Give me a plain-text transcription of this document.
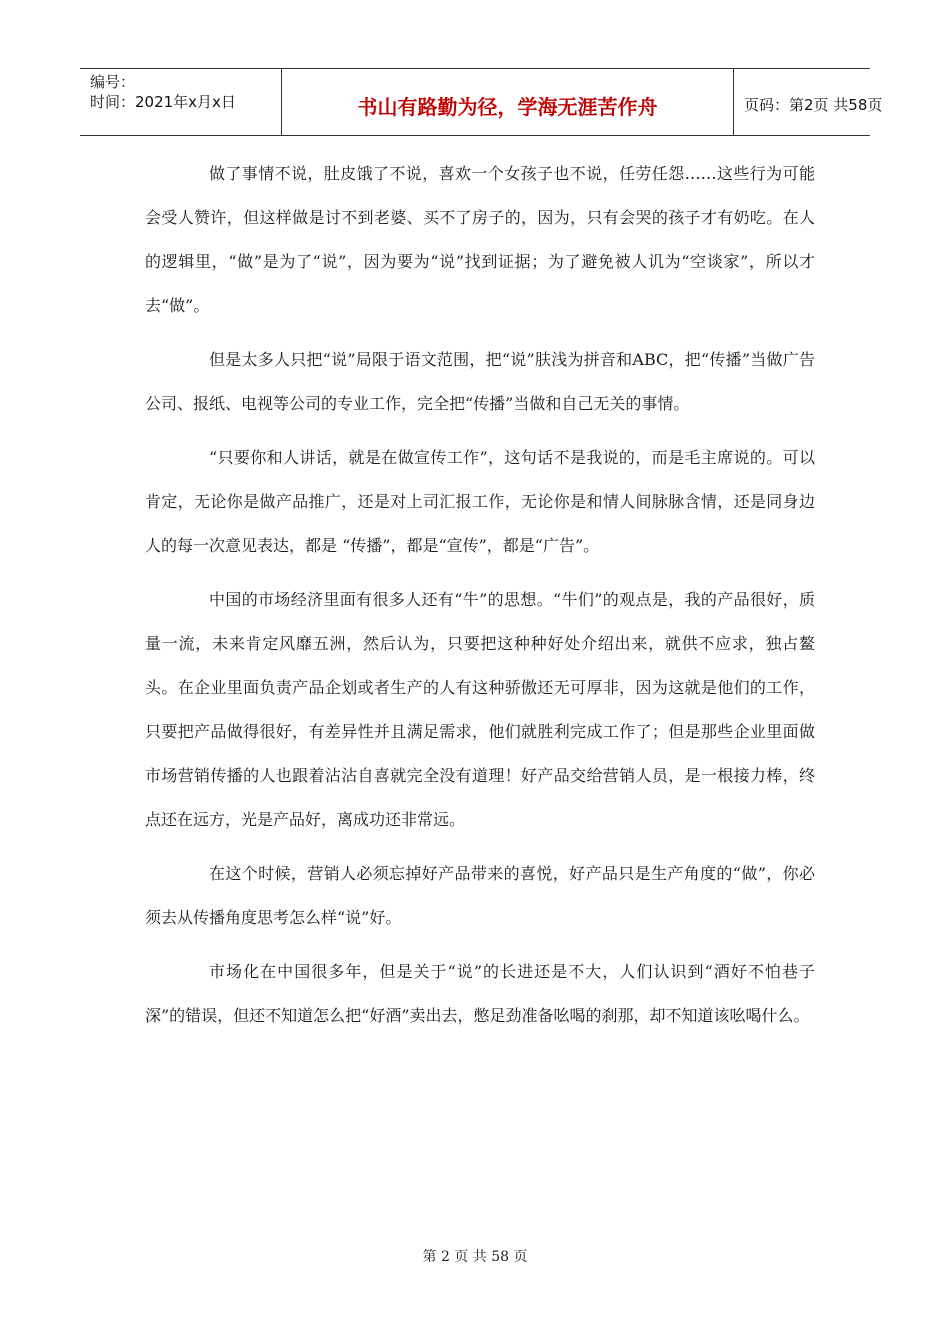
编号：
时间：2021年x月x日	书山有路勤为径，学海无涯苦作舟	页码：第2页 共58页

做了事情不说，肚皮饿了不说，喜欢一个女孩子也不说，任劳任怨……这些行为可能会受人赞许，但这样做是讨不到老婆、买不了房子的，因为，只有会哭的孩子才有奶吃。在人的逻辑里，“做”是为了“说”，因为要为“说”找到证据；为了避免被人讥为“空谈家”，所以才去“做”。

但是太多人只把“说”局限于语文范围，把“说”肤浅为拼音和ABC，把“传播”当做广告公司、报纸、电视等公司的专业工作，完全把“传播”当做和自己无关的事情。

“只要你和人讲话，就是在做宣传工作”，这句话不是我说的，而是毛主席说的。可以肯定，无论你是做产品推广，还是对上司汇报工作，无论你是和情人间脉脉含情，还是同身边人的每一次意见表达，都是 “传播”，都是“宣传”，都是“广告”。

中国的市场经济里面有很多人还有“牛”的思想。“牛们”的观点是，我的产品很好，质量一流，未来肯定风靡五洲，然后认为，只要把这种种好处介绍出来，就供不应求，独占鳌头。在企业里面负责产品企划或者生产的人有这种骄傲还无可厚非，因为这就是他们的工作，只要把产品做得很好，有差异性并且满足需求，他们就胜利完成工作了；但是那些企业里面做市场营销传播的人也跟着沾沾自喜就完全没有道理！好产品交给营销人员，是一根接力棒，终点还在远方，光是产品好，离成功还非常远。

在这个时候，营销人必须忘掉好产品带来的喜悦，好产品只是生产角度的“做”，你必须去从传播角度思考怎么样“说”好。

市场化在中国很多年，但是关于“说”的长进还是不大，人们认识到“酒好不怕巷子深”的错误，但还不知道怎么把“好酒”卖出去，憋足劲准备吆喝的刹那，却不知道该吆喝什么。

第 2 页 共 58 页
